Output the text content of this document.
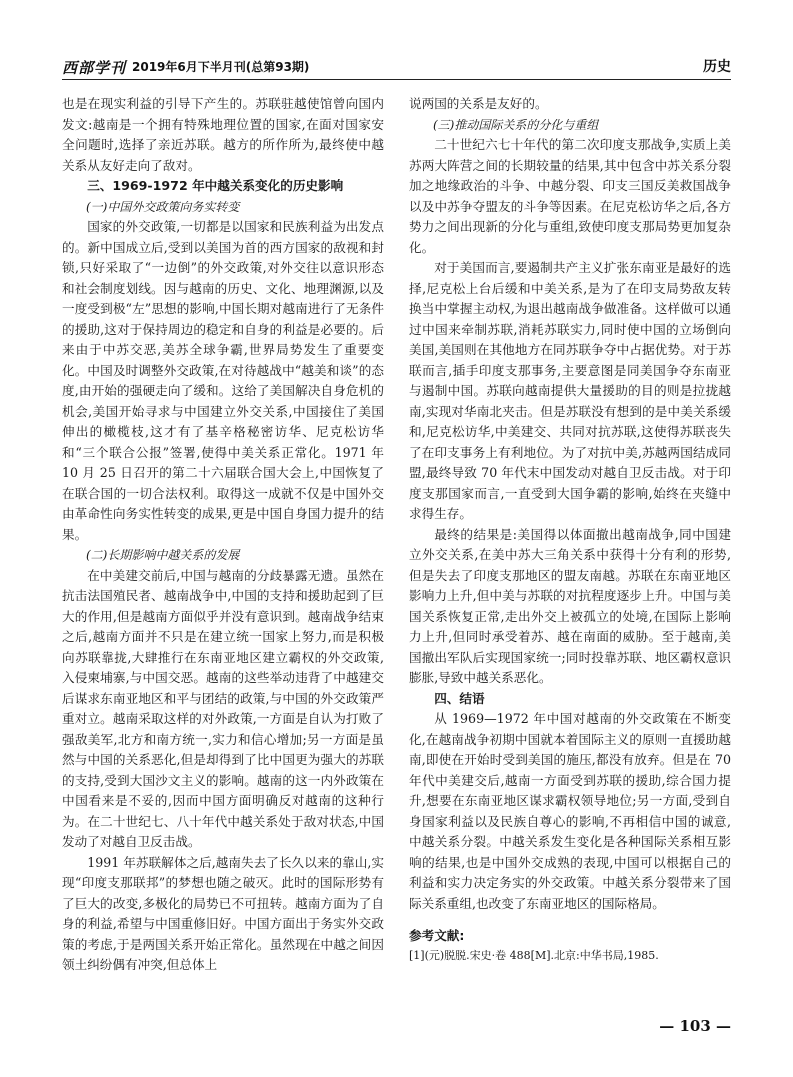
西部学刊 2019年6月下半月刊(总第93期)	历史

也是在现实利益的引导下产生的。苏联驻越使馆曾向国内发文:越南是一个拥有特殊地理位置的国家,在面对国家安全问题时,选择了亲近苏联。越方的所作所为,最终使中越关系从友好走向了敌对。

三、1969-1972 年中越关系变化的历史影响
(一)中国外交政策向务实转变

国家的外交政策,一切都是以国家和民族利益为出发点的。新中国成立后,受到以美国为首的西方国家的敌视和封锁,只好采取了“一边倒”的外交政策,对外交往以意识形态和社会制度划线。因与越南的历史、文化、地理渊源,以及一度受到极“左”思想的影响,中国长期对越南进行了无条件的援助,这对于保持周边的稳定和自身的利益是必要的。后来由于中苏交恶,美苏全球争霸,世界局势发生了重要变化。中国及时调整外交政策,在对待越战中“越美和谈”的态度,由开始的强硬走向了缓和。这给了美国解决自身危机的机会,美国开始寻求与中国建立外交关系,中国接住了美国伸出的橄榄枝,这才有了基辛格秘密访华、尼克松访华和“三个联合公报”签署,使得中美关系正常化。1971 年 10 月 25 日召开的第二十六届联合国大会上,中国恢复了在联合国的一切合法权利。取得这一成就不仅是中国外交由革命性向务实性转变的成果,更是中国自身国力提升的结果。

(二)长期影响中越关系的发展

在中美建交前后,中国与越南的分歧暴露无遗。虽然在抗击法国殖民者、越南战争中,中国的支持和援助起到了巨大的作用,但是越南方面似乎并没有意识到。越南战争结束之后,越南方面并不只是在建立统一国家上努力,而是积极向苏联靠拢,大肆推行在东南亚地区建立霸权的外交政策,入侵柬埔寨,与中国交恶。越南的这些举动违背了中越建交后谋求东南亚地区和平与团结的政策,与中国的外交政策严重对立。越南采取这样的对外政策,一方面是自认为打败了强敌美军,北方和南方统一,实力和信心增加;另一方面是虽然与中国的关系恶化,但是却得到了比中国更为强大的苏联的支持,受到大国沙文主义的影响。越南的这一内外政策在中国看来是不妥的,因而中国方面明确反对越南的这种行为。在二十世纪七、八十年代中越关系处于敌对状态,中国发动了对越自卫反击战。

1991 年苏联解体之后,越南失去了长久以来的靠山,实现“印度支那联邦”的梦想也随之破灭。此时的国际形势有了巨大的改变,多极化的局势已不可扭转。越南方面为了自身的利益,希望与中国重修旧好。中国方面出于务实外交政策的考虑,于是两国关系开始正常化。虽然现在中越之间因领土纠纷偶有冲突,但总体上

说两国的关系是友好的。

(三)推动国际关系的分化与重组

二十世纪六七十年代的第二次印度支那战争,实质上美苏两大阵营之间的长期较量的结果,其中包含中苏关系分裂加之地缘政治的斗争、中越分裂、印支三国反美救国战争以及中苏争夺盟友的斗争等因素。在尼克松访华之后,各方势力之间出现新的分化与重组,致使印度支那局势更加复杂化。

对于美国而言,要遏制共产主义扩张东南亚是最好的选择,尼克松上台后缓和中美关系,是为了在印支局势敌友转换当中掌握主动权,为退出越南战争做准备。这样做可以通过中国来牵制苏联,消耗苏联实力,同时使中国的立场倒向美国,美国则在其他地方在同苏联争夺中占据优势。对于苏联而言,插手印度支那事务,主要意图是同美国争夺东南亚与遏制中国。苏联向越南提供大量援助的目的则是拉拢越南,实现对华南北夹击。但是苏联没有想到的是中美关系缓和,尼克松访华,中美建交、共同对抗苏联,这使得苏联丧失了在印支事务上有利地位。为了对抗中美,苏越两国结成同盟,最终导致 70 年代末中国发动对越自卫反击战。对于印度支那国家而言,一直受到大国争霸的影响,始终在夹缝中求得生存。

最终的结果是:美国得以体面撤出越南战争,同中国建立外交关系,在美中苏大三角关系中获得十分有利的形势,但是失去了印度支那地区的盟友南越。苏联在东南亚地区影响力上升,但中美与苏联的对抗程度逐步上升。中国与美国关系恢复正常,走出外交上被孤立的处境,在国际上影响力上升,但同时承受着苏、越在南面的威胁。至于越南,美国撤出军队后实现国家统一;同时投靠苏联、地区霸权意识膨胀,导致中越关系恶化。

四、结语

从 1969—1972 年中国对越南的外交政策在不断变化,在越南战争初期中国就本着国际主义的原则一直援助越南,即使在开始时受到美国的施压,都没有放弃。但是在 70 年代中美建交后,越南一方面受到苏联的援助,综合国力提升,想要在东南亚地区谋求霸权领导地位;另一方面,受到自身国家利益以及民族自尊心的影响,不再相信中国的诚意,中越关系分裂。中越关系发生变化是各种国际关系相互影响的结果,也是中国外交成熟的表现,中国可以根据自己的利益和实力决定务实的外交政策。中越关系分裂带来了国际关系重组,也改变了东南亚地区的国际格局。

参考文献:
[1](元)脱脱.宋史·卷 488[M].北京:中华书局,1985.
— 103 —
